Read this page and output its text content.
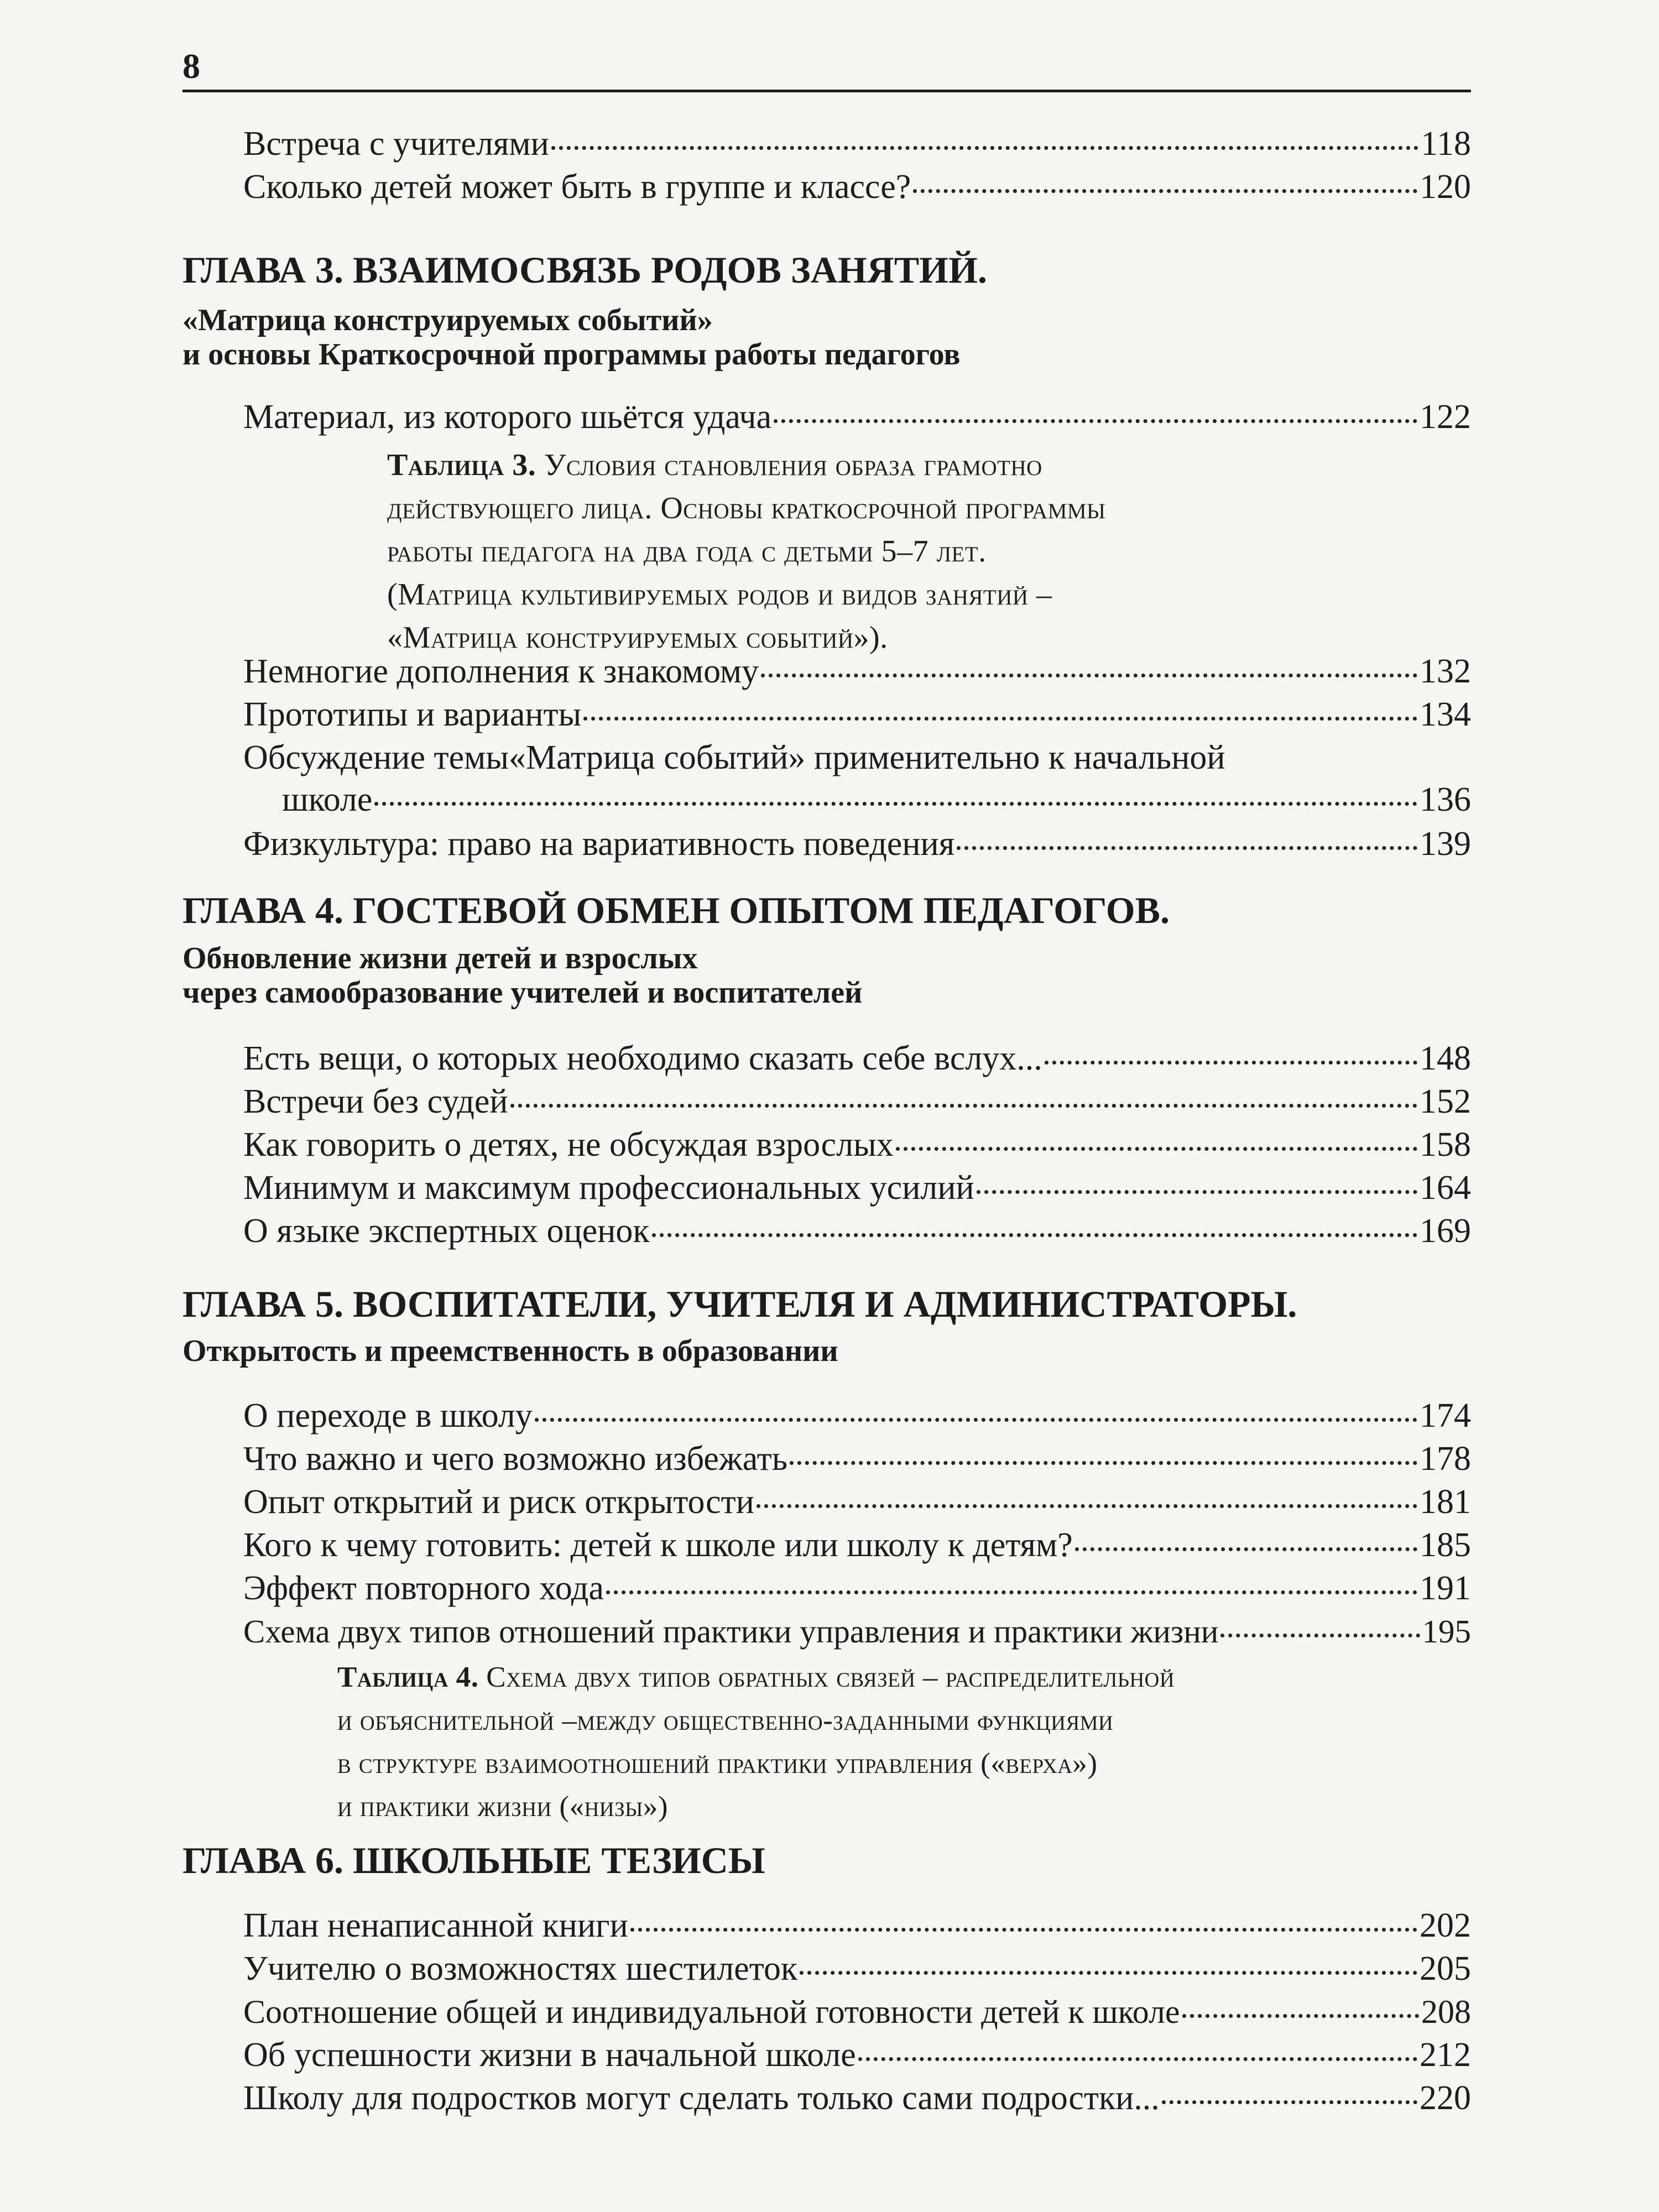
8
Встреча с учителями	118
Сколько детей может быть в группе и классе?	120
ГЛАВА 3. ВЗАИМОСВЯЗЬ РОДОВ ЗАНЯТИЙ.
«Матрица конструируемых событий»
и основы Краткосрочной программы работы педагогов
Материал, из которого шьётся удача	122
Таблица 3. Условия становления образа грамотно
действующего лица. Основы краткосрочной программы
работы педагога на два года с детьми 5–7 лет.
(Матрица культивируемых родов и видов занятий –
«Матрица конструируемых событий»).
Немногие дополнения к знакомому	132
Прототипы и варианты	134
Обсуждение темы«Матрица событий» применительно к начальной
школе	136
Физкультура: право на вариативность поведения	139
ГЛАВА 4. ГОСТЕВОЙ ОБМЕН ОПЫТОМ ПЕДАГОГОВ.
Обновление жизни детей и взрослых
через самообразование учителей и воспитателей
Есть вещи, о которых необходимо сказать себе вслух...	148
Встречи без судей	152
Как говорить о детях, не обсуждая взрослых	158
Минимум и максимум профессиональных усилий	164
О языке экспертных оценок	169
ГЛАВА 5. ВОСПИТАТЕЛИ, УЧИТЕЛЯ И АДМИНИСТРАТОРЫ.
Открытость и преемственность в образовании
О переходе в школу	174
Что важно и чего возможно избежать	178
Опыт открытий и риск открытости	181
Кого к чему готовить: детей к школе или школу к детям?	185
Эффект повторного хода	191
Схема двух типов отношений практики управления и практики жизни	195
Таблица 4. Схема двух типов обратных связей – распределительной
и объяснительной –между общественно-заданными функциями
в структуре взаимоотношений практики управления («верха»)
и практики жизни («низы»)
ГЛАВА 6. ШКОЛЬНЫЕ ТЕЗИСЫ
План ненаписанной книги	202
Учителю о возможностях шестилеток	205
Соотношение общей и индивидуальной готовности детей к школе	208
Об успешности жизни в начальной школе	212
Школу для подростков могут сделать только сами подростки...	220
